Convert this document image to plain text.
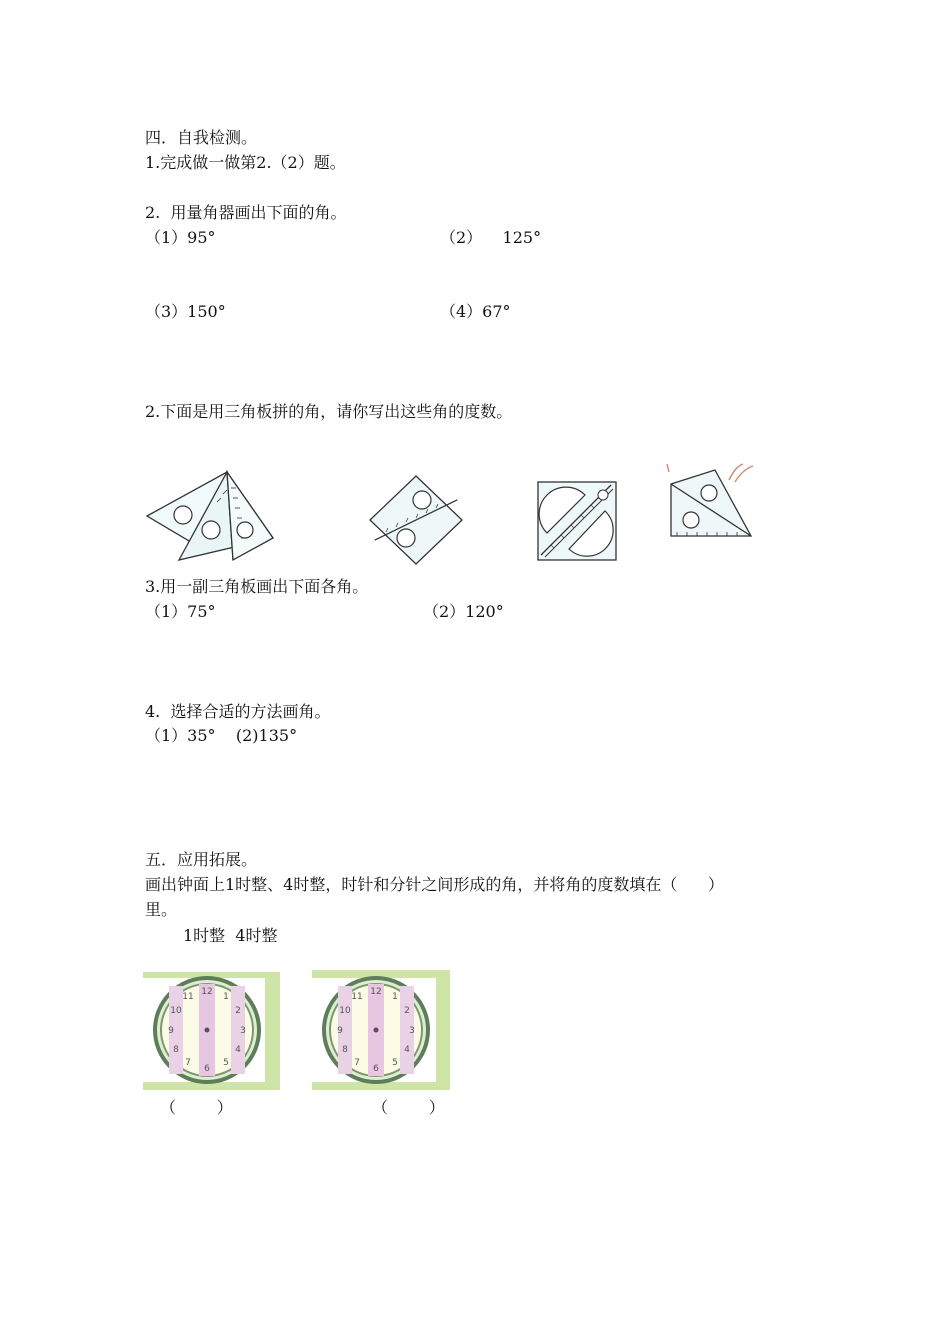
四．自我检测。
1.完成做一做第2.（2）题。
2.  用量角器画出下面的角。
（1）95°	（2）    125°
（3）150°	（4）67°
2.下面是用三角板拼的角，请你写出这些角的度数。
3.用一副三角板画出下面各角。
（1）75°	（2）120°
4.  选择合适的方法画角。
（1）35°    (2)135°
五．应用拓展。
画出钟面上1时整、4时整，时针和分针之间形成的角，并将角的度数填在（      ）
里。
1时整  4时整
12 1
2
3
4
5
6
7
8
9
10
11	12 1
2
3
4
5
6
7
8
9
10
11
（        ）	（        ）
